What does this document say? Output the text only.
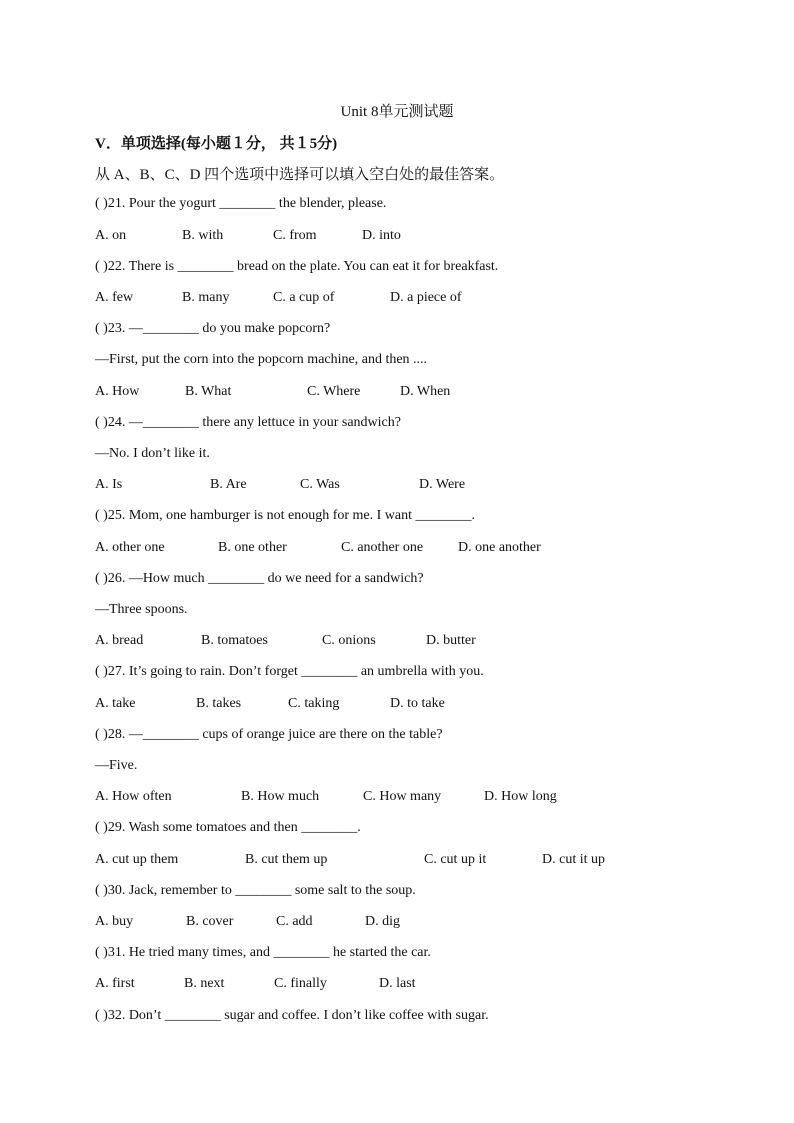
Unit 8单元测试题
V．单项选择(每小题１分， 共１5分)
从 A、B、C、D 四个选项中选择可以填入空白处的最佳答案。
( )21. Pour the yogurt ________ the blender, please.
A. on	B. with	C. from	D. into
( )22. There is ________ bread on the plate. You can eat it for breakfast.
A. few	B. many	C. a cup of	D. a piece of
( )23. —________ do you make popcorn?
—First, put the corn into the popcorn machine, and then ....
A. How	B. What	C. Where	D. When
( )24. —________ there any lettuce in your sandwich?
—No. I don’t like it.
A. Is	B. Are	C. Was	D. Were
( )25. Mom, one hamburger is not enough for me. I want ________.
A. other one	B. one other	C. another one D. one another
( )26. —How much ________ do we need for a sandwich?
—Three spoons.
A. bread	B. tomatoes	C. onions	D. butter
( )27. It’s going to rain. Don’t forget ________ an umbrella with you.
A. take	B. takes	C. taking	D. to take
( )28. —________ cups of orange juice are there on the table?
—Five.
A. How often	B. How much	C. How many	D. How long
( )29. Wash some tomatoes and then ________.
A. cut up them	B. cut them up	C. cut up it	D. cut it up
( )30. Jack, remember to ________ some salt to the soup.
A. buy	B. cover	C. add	D. dig
( )31. He tried many times, and ________ he started the car.
A. first	B. next	C. finally	D. last
( )32. Don’t ________ sugar and coffee. I don’t like coffee with sugar.
